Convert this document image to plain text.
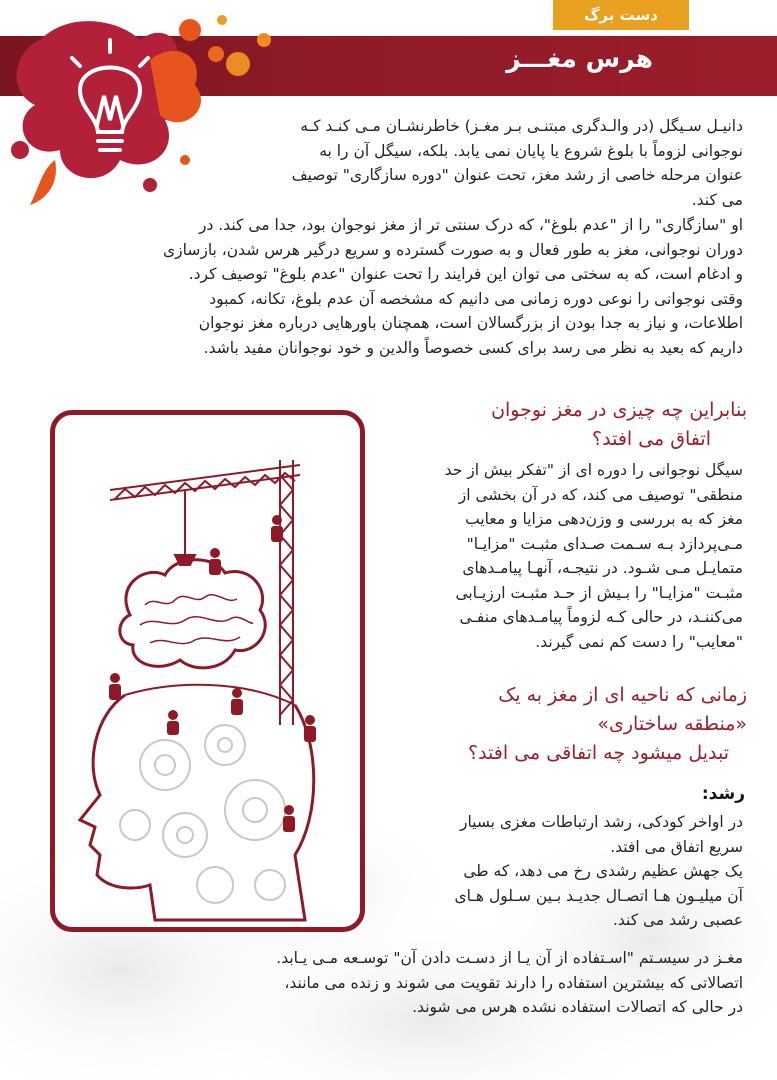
دست برگ
هرس مغـــز
دانیـل سـیگل (در والـدگری مبتنـی بـر مغـز) خاطرنشـان مـی کنـد کـه
نوجوانی لزوماً با بلوغ شروع یا پایان نمی یابد. بلکه، سیگل آن را به
عنوان مرحله خاصی از رشد مغز، تحت عنوان "دوره سازگاری" توصیف
می کند.
او "سازگاری" را از "عدم بلوغ"، که درک سنتی تر از مغز نوجوان بود، جدا می کند. در
دوران نوجوانی، مغز به طور فعال و به صورت گسترده و سریع درگیر هرس شدن، بازسازی
و ادغام است، که به سختی می توان این فرایند را تحت عنوان "عدم بلوغ" توصیف کرد.
وقتی نوجوانی را نوعی دوره زمانی می دانیم که مشخصه آن عدم بلوغ، تکانه، کمبود
اطلاعات، و نیاز به جدا بودن از بزرگسالان است، همچنان باورهایی درباره مغز نوجوان
داریم که بعید به نظر می رسد برای کسی خصوصاً والدین و خود نوجوانان مفید باشد.
بنابراین چه چیزی در مغز نوجوان
اتفاق می افتد؟
سیگل نوجوانی را دوره ای از "تفکر بیش از حد
منطقی" توصیف می کند، که در آن بخشی از
مغز که به بررسی و وزن‌دهی مزایا و معایب
مـی‌پردازد بـه سـمت صـدای مثبـت "مزایـا"
متمایـل مـی شـود. در نتیجـه، آنهـا پیامـدهای
مثبـت "مزایـا" را بـیش از حـد مثبـت ارزیـابی
می‌کننـد، در حالی کـه لزوماً پیامـدهای منفـی
"معایب" را دست کم نمی گیرند.
زمانی که ناحیه ای از مغز به یک
«منطقه ساختاری»
تبدیل میشود چه اتفاقی می افتد؟
رشد:
در اواخر کودکی، رشد ارتباطات مغزی بسیار
سریع اتفاق می افتد.
یک جهش عظیم رشدی رخ می دهد، که طی
آن میلیـون هـا اتصـال جدیـد بـین سـلول هـای
عصبی رشد می کند.
مغـز در سیسـتم "اسـتفاده از آن یـا از دسـت دادن آن" توسـعه مـی یـابد.
اتصالاتی که بیشترین استفاده را دارند تقویت می شوند و زنده می مانند،
در حالی که اتصالات استفاده نشده هرس می شوند.
